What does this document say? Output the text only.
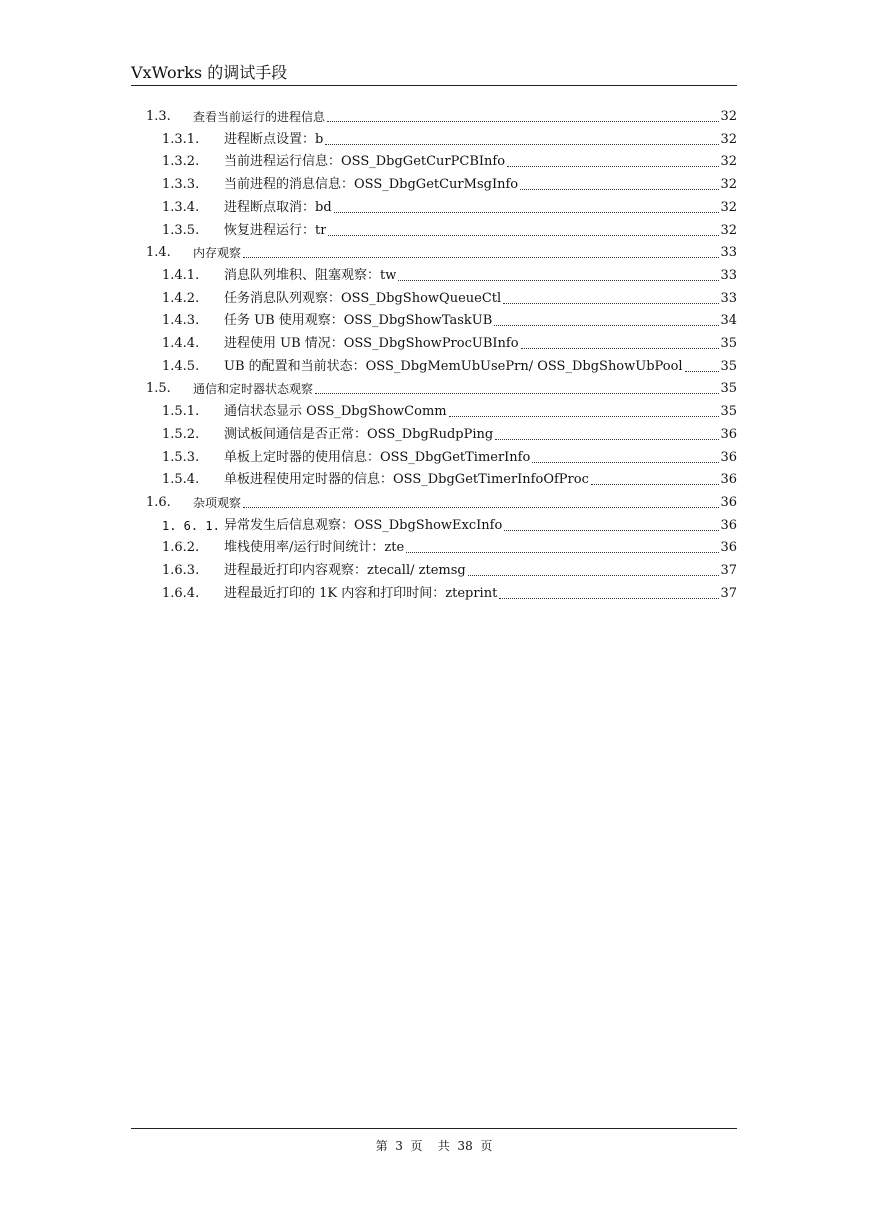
VxWorks 的调试手段
1.3.	查看当前运行的进程信息	32
1.3.1.	进程断点设置：b	32
1.3.2.	当前进程运行信息：OSS_DbgGetCurPCBInfo	32
1.3.3.	当前进程的消息信息：OSS_DbgGetCurMsgInfo	32
1.3.4.	进程断点取消：bd	32
1.3.5.	恢复进程运行：tr	32
1.4.	内存观察	33
1.4.1.	消息队列堆积、阻塞观察：tw	33
1.4.2.	任务消息队列观察：OSS_DbgShowQueueCtl	33
1.4.3.	任务 UB 使用观察：OSS_DbgShowTaskUB	34
1.4.4.	进程使用 UB 情况：OSS_DbgShowProcUBInfo	35
1.4.5.	UB 的配置和当前状态：OSS_DbgMemUbUsePrn/ OSS_DbgShowUbPool	35
1.5.	通信和定时器状态观察	35
1.5.1.	通信状态显示 OSS_DbgShowComm	35
1.5.2.	测试板间通信是否正常：OSS_DbgRudpPing	36
1.5.3.	单板上定时器的使用信息：OSS_DbgGetTimerInfo	36
1.5.4.	单板进程使用定时器的信息：OSS_DbgGetTimerInfoOfProc	36
1.6.	杂项观察	36
1. 6. 1. 异常发生后信息观察：OSS_DbgShowExcInfo	36
1.6.2.	堆栈使用率/运行时间统计：zte	36
1.6.3.	进程最近打印内容观察：ztecall/ ztemsg	37
1.6.4.	进程最近打印的 1K 内容和打印时间：zteprint	37
第  3  页    共  38  页
